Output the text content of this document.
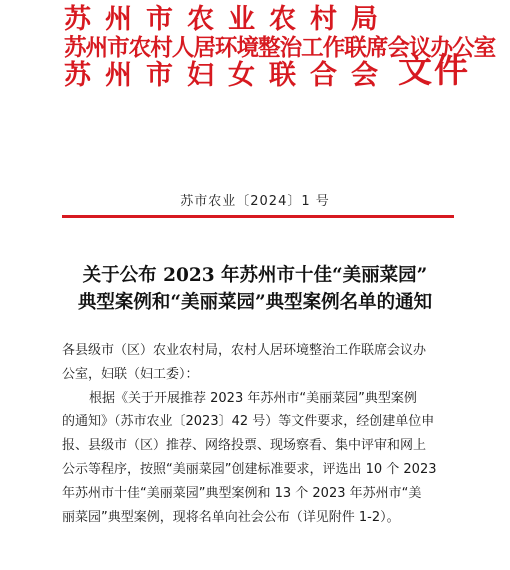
苏州市农业农村局
苏州市农村人居环境整治工作联席会议办公室
苏州市妇女联合会 文件
苏市农业〔2024〕1 号
关于公布 2023 年苏州市十佳“美丽菜园”
典型案例和“美丽菜园”典型案例名单的通知
各县级市（区）农业农村局，农村人居环境整治工作联席会议办
公室，妇联（妇工委）：
根据《关于开展推荐 2023 年苏州市“美丽菜园”典型案例
的通知》（苏市农业〔2023〕42 号）等文件要求，经创建单位申
报、县级市（区）推荐、网络投票、现场察看、集中评审和网上
公示等程序，按照“美丽菜园”创建标准要求，评选出 10 个 2023
年苏州市十佳“美丽菜园”典型案例和 13 个 2023 年苏州市“美
丽菜园”典型案例，现将名单向社会公布（详见附件 1-2）。
